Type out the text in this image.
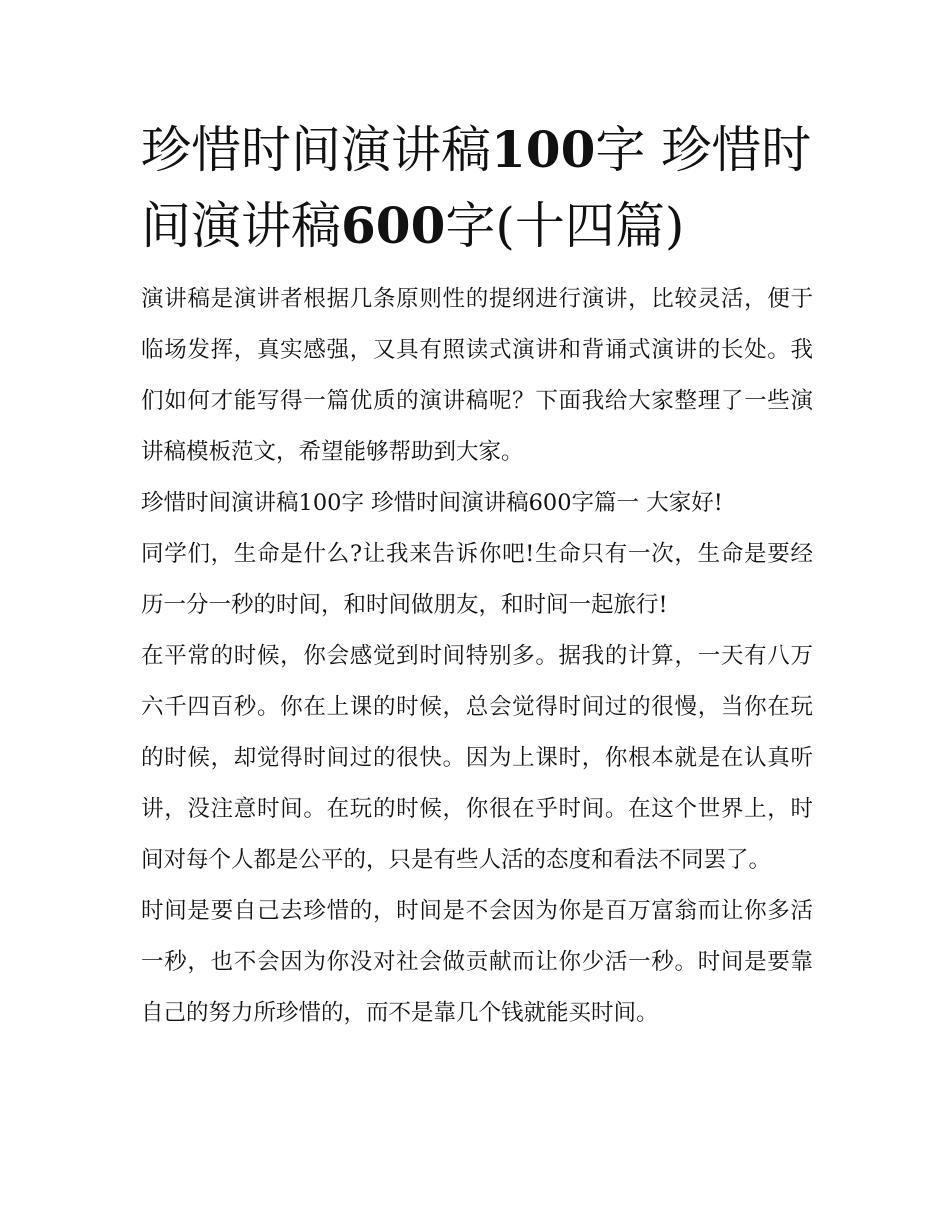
珍惜时间演讲稿100字 珍惜时间演讲稿600字(十四篇)

演讲稿是演讲者根据几条原则性的提纲进行演讲，比较灵活，便于临场发挥，真实感强，又具有照读式演讲和背诵式演讲的长处。我们如何才能写得一篇优质的演讲稿呢？下面我给大家整理了一些演讲稿模板范文，希望能够帮助到大家。

珍惜时间演讲稿100字 珍惜时间演讲稿600字篇一 大家好!

同学们，生命是什么?让我来告诉你吧!生命只有一次，生命是要经历一分一秒的时间，和时间做朋友，和时间一起旅行!

在平常的时候，你会感觉到时间特别多。据我的计算，一天有八万六千四百秒。你在上课的时候，总会觉得时间过的很慢，当你在玩的时候，却觉得时间过的很快。因为上课时，你根本就是在认真听讲，没注意时间。在玩的时候，你很在乎时间。在这个世界上，时间对每个人都是公平的，只是有些人活的态度和看法不同罢了。

时间是要自己去珍惜的，时间是不会因为你是百万富翁而让你多活一秒，也不会因为你没对社会做贡献而让你少活一秒。时间是要靠自己的努力所珍惜的，而不是靠几个钱就能买时间。
